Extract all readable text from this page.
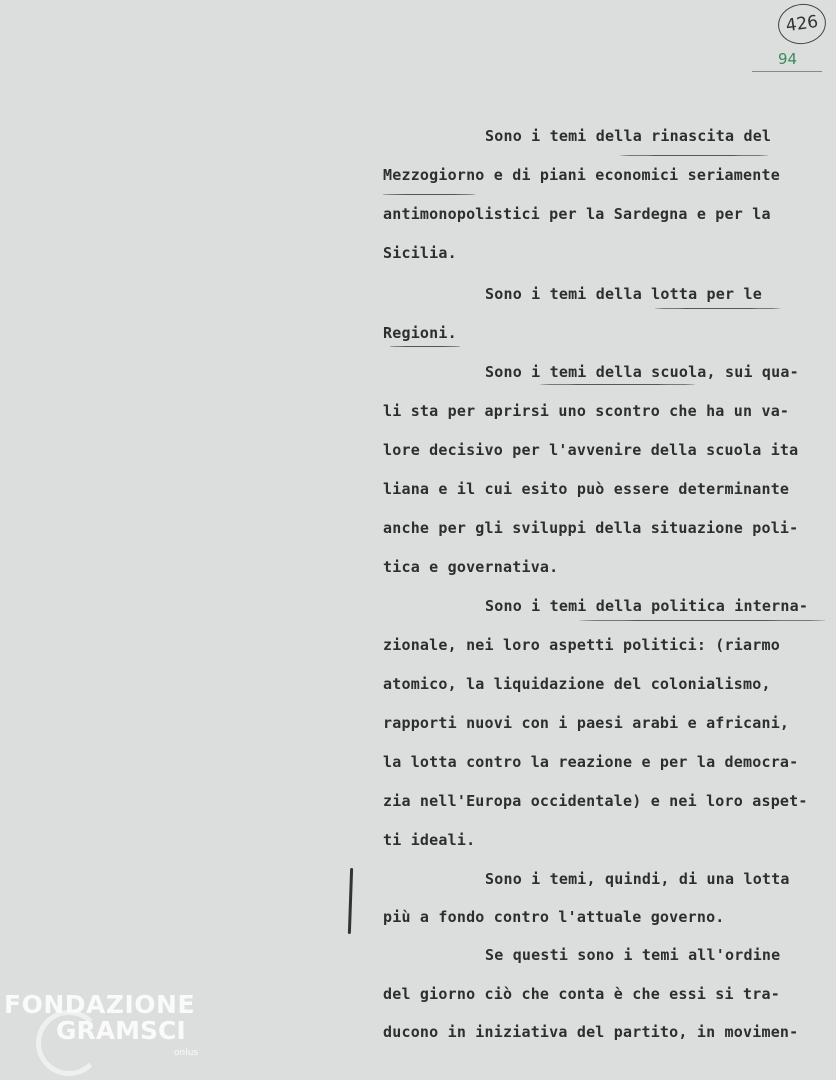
426
94

Sono i temi della rinascita del

Mezzogiorno e di piani economici seriamente

antimonopolistici per la Sardegna e per la

Sicilia.

Sono i temi della lotta per le

Regioni.

Sono i temi della scuola, sui qua-

li sta per aprirsi uno scontro che ha un va-

lore decisivo per l'avvenire della scuola ita

liana e il cui esito può essere determinante

anche per gli sviluppi della situazione poli-

tica e governativa.

Sono i temi della politica interna-

zionale, nei loro aspetti politici: (riarmo

atomico, la liquidazione del colonialismo,

rapporti nuovi con i paesi arabi e africani,

la lotta contro la reazione e per la democra-

zia nell'Europa occidentale) e nei loro aspet-

ti ideali.

Sono i temi, quindi, di una lotta

più a fondo contro l'attuale governo.

Se questi sono i temi all'ordine

del giorno ciò che conta è che essi si tra-

ducono in iniziativa del partito, in movimen-

FONDAZIONE
GRAMSCI
onlus
